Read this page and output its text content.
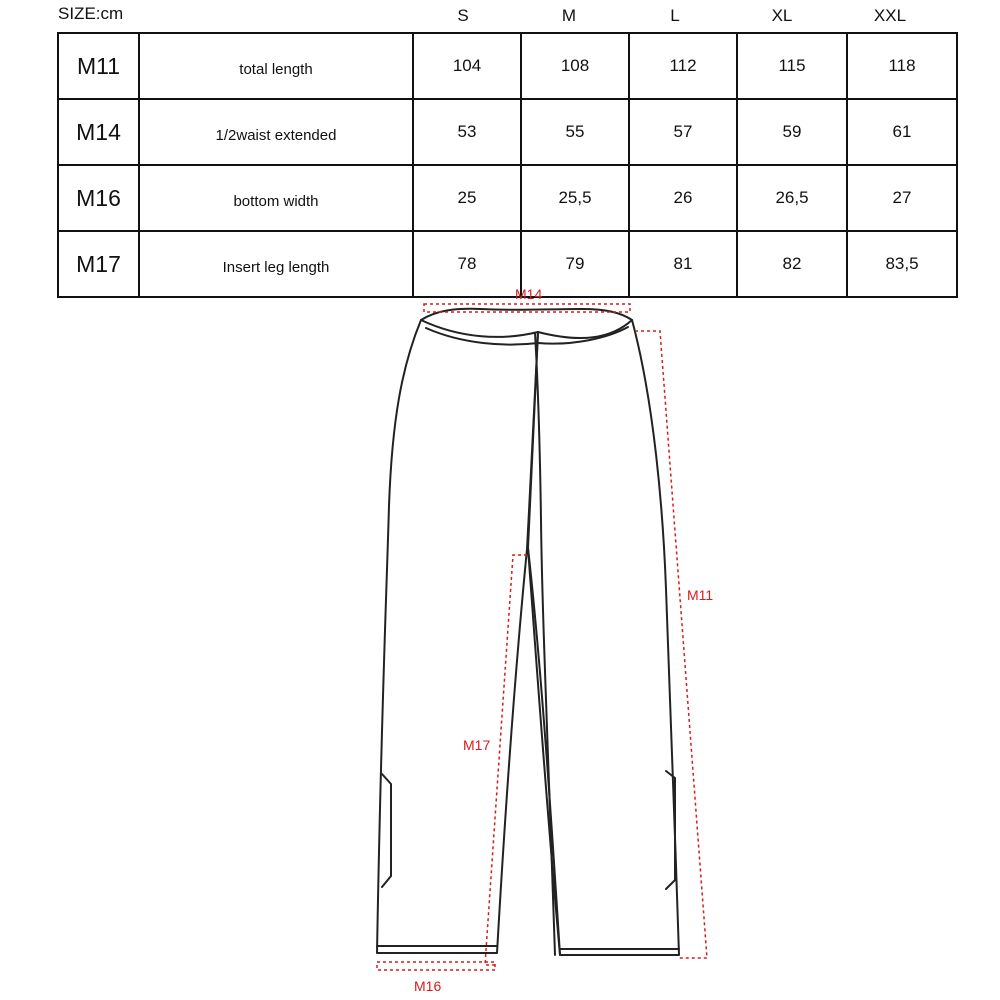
SIZE:cm	S	M	L	XL	XXL
M11	total length	104	108	112	115	118
M14	1/2waist extended	53	55	57	59	61
M16	bottom width	25	25,5	26	26,5	27
M17	Insert leg length	78	79	81	82	83,5
M14
M11
M17
M16
